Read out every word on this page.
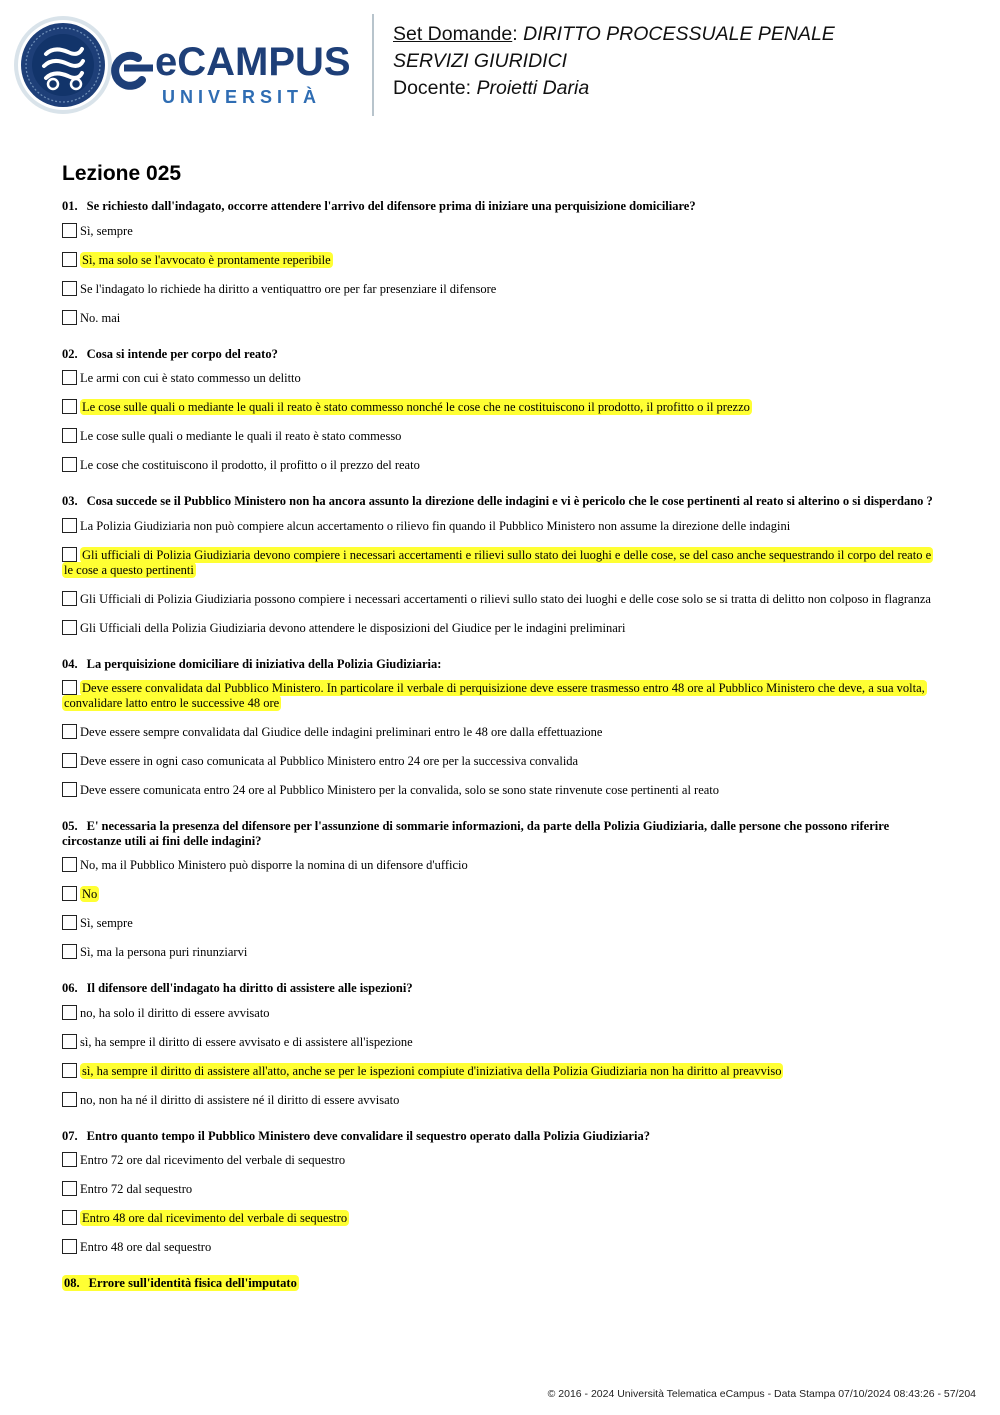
eCAMPUS
UNIVERSITÀ
Set Domande: DIRITTO PROCESSUALE PENALE
SERVIZI GIURIDICI
Docente: Proietti Daria
Lezione 025
01. Se richiesto dall'indagato, occorre attendere l'arrivo del difensore prima di iniziare una perquisizione domiciliare?
Sì, sempre
Sì, ma solo se l'avvocato è prontamente reperibile
Se l'indagato lo richiede ha diritto a ventiquattro ore per far presenziare il difensore
No. mai
02. Cosa si intende per corpo del reato?
Le armi con cui è stato commesso un delitto
Le cose sulle quali o mediante le quali il reato è stato commesso nonché le cose che ne costituiscono il prodotto, il profitto o il prezzo
Le cose sulle quali o mediante le quali il reato è stato commesso
Le cose che costituiscono il prodotto, il profitto o il prezzo del reato
03. Cosa succede se il Pubblico Ministero non ha ancora assunto la direzione delle indagini e vi è pericolo che le cose pertinenti al reato si alterino o si disperdano ?
La Polizia Giudiziaria non può compiere alcun accertamento o rilievo fin quando il Pubblico Ministero non assume la direzione delle indagini
Gli ufficiali di Polizia Giudiziaria devono compiere i necessari accertamenti e rilievi sullo stato dei luoghi e delle cose, se del caso anche sequestrando il corpo del reato e le cose a questo pertinenti
Gli Ufficiali di Polizia Giudiziaria possono compiere i necessari accertamenti o rilievi sullo stato dei luoghi e delle cose solo se si tratta di delitto non colposo in flagranza
Gli Ufficiali della Polizia Giudiziaria devono attendere le disposizioni del Giudice per le indagini preliminari
04. La perquisizione domiciliare di iniziativa della Polizia Giudiziaria:
Deve essere convalidata dal Pubblico Ministero. In particolare il verbale di perquisizione deve essere trasmesso entro 48 ore al Pubblico Ministero che deve, a sua volta, convalidare latto entro le successive 48 ore
Deve essere sempre convalidata dal Giudice delle indagini preliminari entro le 48 ore dalla effettuazione
Deve essere in ogni caso comunicata al Pubblico Ministero entro 24 ore per la successiva convalida
Deve essere comunicata entro 24 ore al Pubblico Ministero per la convalida, solo se sono state rinvenute cose pertinenti al reato
05. E' necessaria la presenza del difensore per l'assunzione di sommarie informazioni, da parte della Polizia Giudiziaria, dalle persone che possono riferire circostanze utili ai fini delle indagini?
No, ma il Pubblico Ministero può disporre la nomina di un difensore d'ufficio
No
Sì, sempre
Sì, ma la persona puri rinunziarvi
06. Il difensore dell'indagato ha diritto di assistere alle ispezioni?
no, ha solo il diritto di essere avvisato
sì, ha sempre il diritto di essere avvisato e di assistere all'ispezione
sì, ha sempre il diritto di assistere all'atto, anche se per le ispezioni compiute d'iniziativa della Polizia Giudiziaria non ha diritto al preavviso
no, non ha né il diritto di assistere né il diritto di essere avvisato
07. Entro quanto tempo il Pubblico Ministero deve convalidare il sequestro operato dalla Polizia Giudiziaria?
Entro 72 ore dal ricevimento del verbale di sequestro
Entro 72 dal sequestro
Entro 48 ore dal ricevimento del verbale di sequestro
Entro 48 ore dal sequestro
08. Errore sull'identità fisica dell'imputato
© 2016 - 2024 Università Telematica eCampus - Data Stampa 07/10/2024 08:43:26 - 57/204
